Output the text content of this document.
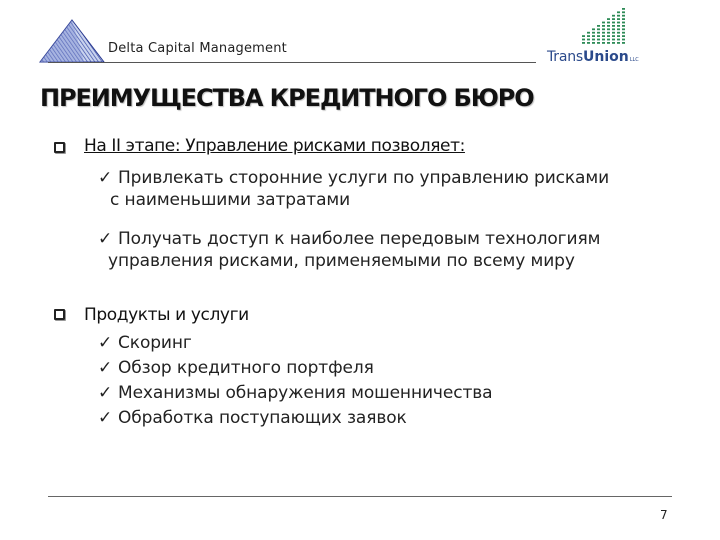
Delta Capital Management
TransUnionLLC
ПРЕИМУЩЕСТВА КРЕДИТНОГО БЮРО
На II этапе: Управление рисками позволяет:
✓ Привлекать сторонние услуги по управлению рисками
с наименьшими затратами
✓ Получать доступ к наиболее передовым технологиям
управления рисками, применяемыми по всему миру
Продукты и услуги
✓ Скоринг
✓ Обзор кредитного портфеля
✓ Механизмы обнаружения мошенничества
✓ Обработка поступающих заявок
7
